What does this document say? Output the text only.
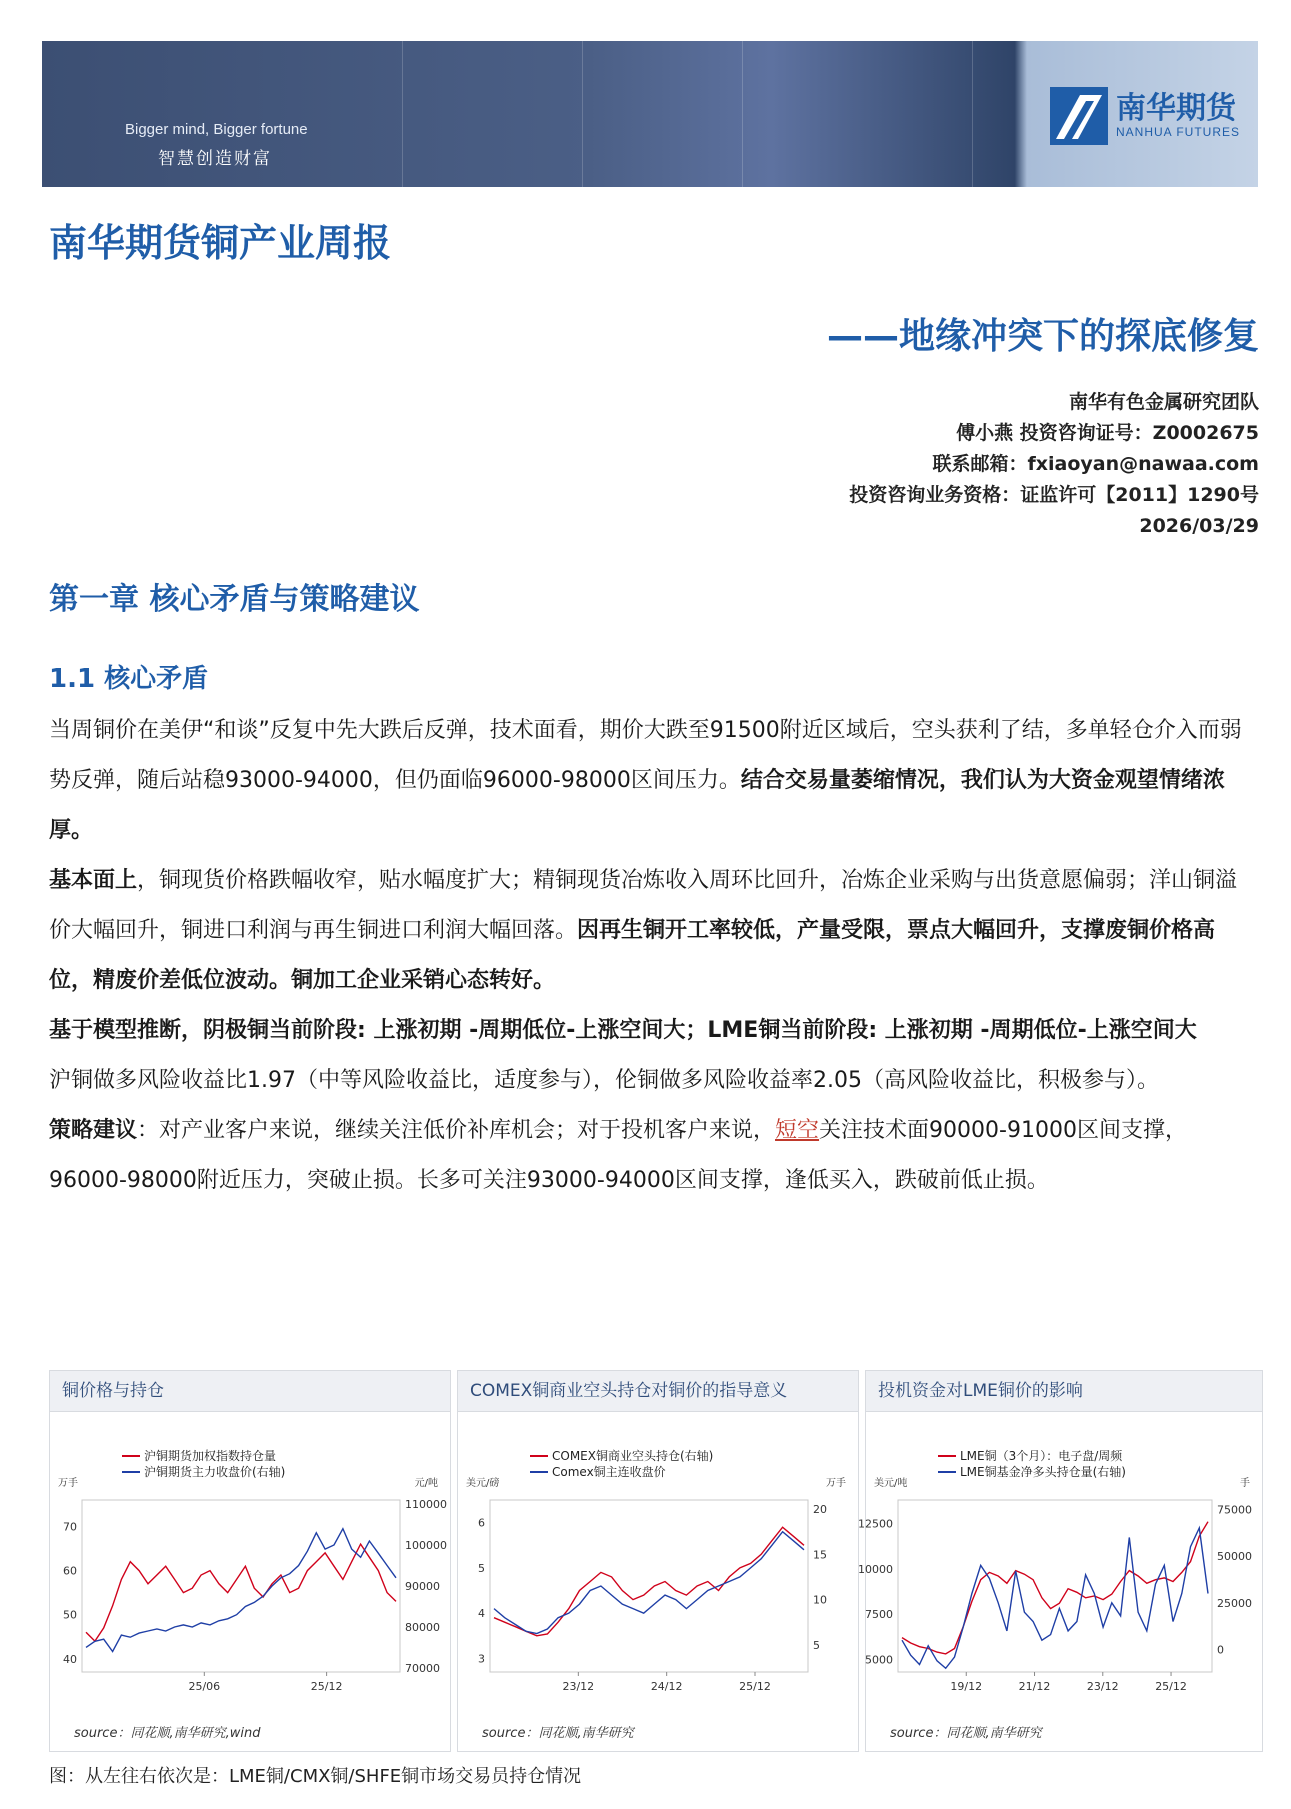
Bigger mind, Bigger fortune
智慧创造财富
南华期货
NANHUA FUTURES
南华期货铜产业周报
——地缘冲突下的探底修复
南华有色金属研究团队
傅小燕 投资咨询证号：Z0002675
联系邮箱：fxiaoyan@nawaa.com
投资咨询业务资格：证监许可【2011】1290号
2026/03/29
第一章 核心矛盾与策略建议
1.1 核心矛盾

当周铜价在美伊“和谈”反复中先大跌后反弹，技术面看，期价大跌至91500附近区域后，空头获利了结，多单轻仓介入而弱势反弹，随后站稳93000-94000，但仍面临96000-98000区间压力。结合交易量萎缩情况，我们认为大资金观望情绪浓厚。

基本面上，铜现货价格跌幅收窄，贴水幅度扩大；精铜现货冶炼收入周环比回升，冶炼企业采购与出货意愿偏弱；洋山铜溢价大幅回升，铜进口利润与再生铜进口利润大幅回落。因再生铜开工率较低，产量受限，票点大幅回升，支撑废铜价格高位，精废价差低位波动。铜加工企业采销心态转好。

基于模型推断，阴极铜当前阶段: 上涨初期 -周期低位-上涨空间大；LME铜当前阶段: 上涨初期 -周期低位-上涨空间大

沪铜做多风险收益比1.97（中等风险收益比，适度参与），伦铜做多风险收益率2.05（高风险收益比，积极参与）。

策略建议：对产业客户来说，继续关注低价补库机会；对于投机客户来说，短空关注技术面90000-91000区间支撑，96000-98000附近压力，突破止损。长多可关注93000-94000区间支撑，逢低买入，跌破前低止损。

铜价格与持仓
沪铜期货加权指数持仓量
沪铜期货主力收盘价(右轴)
万手	元/吨
70
60
50
40
110000
100000
90000
80000
70000
25/06	25/12
source：同花顺,南华研究,wind
COMEX铜商业空头持仓对铜价的指导意义
COMEX铜商业空头持仓(右轴)
Comex铜主连收盘价
美元/磅	万手
6
5
4
3
20
15
10
5
23/12	24/12	25/12
source：同花顺,南华研究
投机资金对LME铜价的影响
LME铜（3个月）：电子盘/周频
LME铜基金净多头持仓量(右轴)
美元/吨	手
12500
10000
7500
5000
75000
50000
25000
0
19/12	21/12	23/12	25/12
source：同花顺,南华研究
图：从左往右依次是：LME铜/CMX铜/SHFE铜市场交易员持仓情况
